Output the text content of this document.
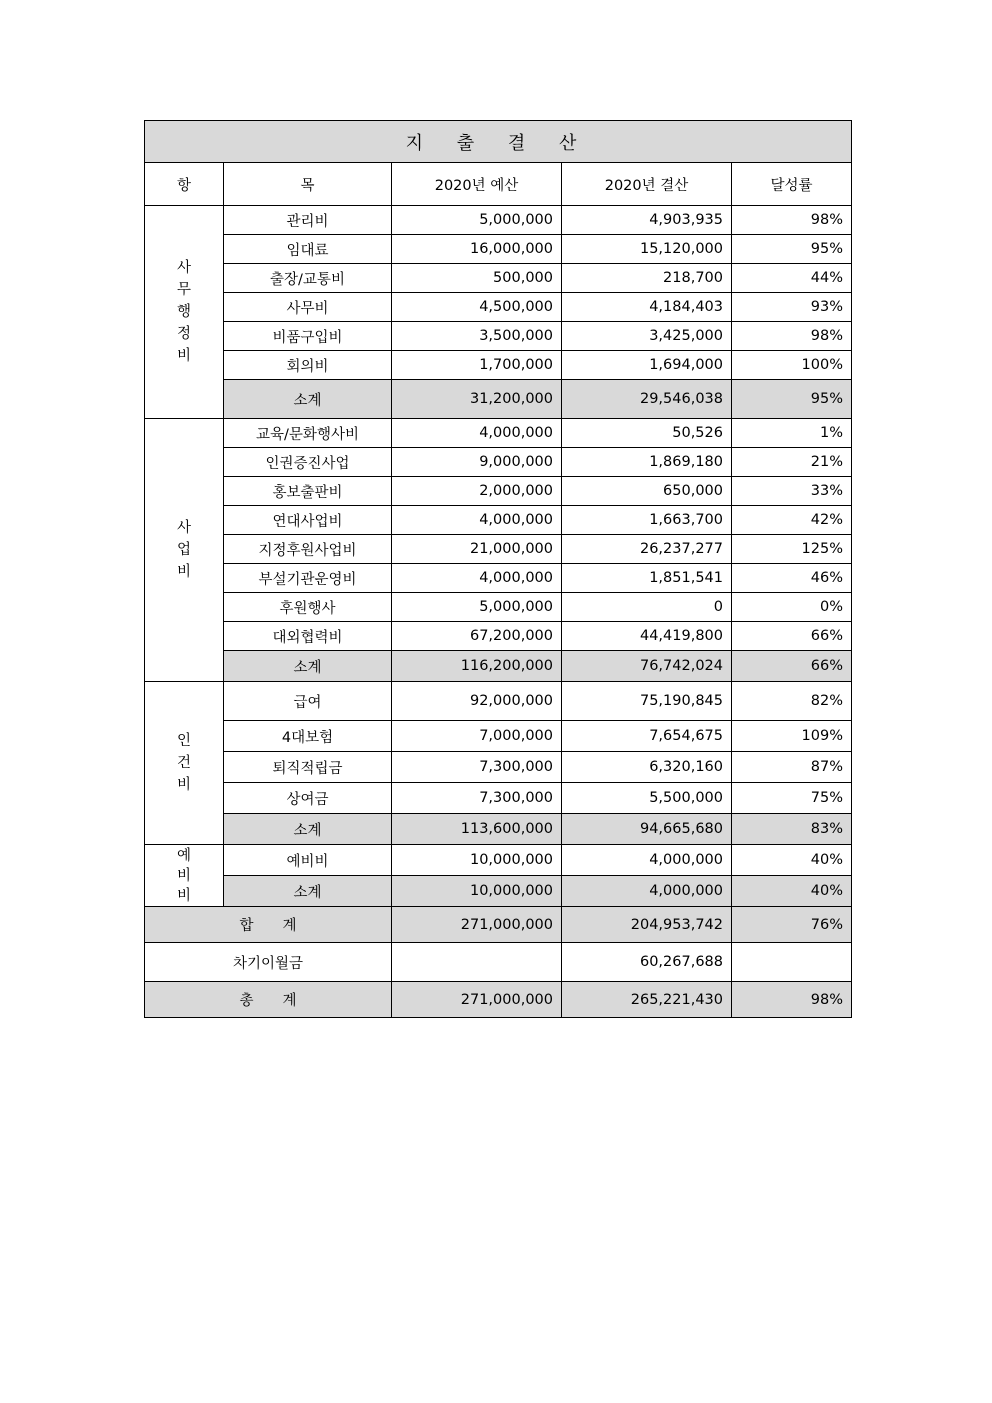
지 출 결 산				
항	목	2020년 예산	2020년 결산	달성률
사무행정비	관리비	5,000,000	4,903,935	98%
	임대료	16,000,000	15,120,000	95%
	출장/교통비	500,000	218,700	44%
	사무비	4,500,000	4,184,403	93%
	비품구입비	3,500,000	3,425,000	98%
	회의비	1,700,000	1,694,000	100%
	소계	31,200,000	29,546,038	95%
사업비	교육/문화행사비	4,000,000	50,526	1%
	인권증진사업	9,000,000	1,869,180	21%
	홍보출판비	2,000,000	650,000	33%
	연대사업비	4,000,000	1,663,700	42%
	지정후원사업비	21,000,000	26,237,277	125%
	부설기관운영비	4,000,000	1,851,541	46%
	후원행사	5,000,000	0	0%
	대외협력비	67,200,000	44,419,800	66%
	소계	116,200,000	76,742,024	66%
인건비	급여	92,000,000	75,190,845	82%
	4대보험	7,000,000	7,654,675	109%
	퇴직적립금	7,300,000	6,320,160	87%
	상여금	7,300,000	5,500,000	75%
	소계	113,600,000	94,665,680	83%
예비비	예비비	10,000,000	4,000,000	40%
	소계	10,000,000	4,000,000	40%
합　　계		271,000,000	204,953,742	76%
차기이월금			60,267,688	
총　　계		271,000,000	265,221,430	98%
